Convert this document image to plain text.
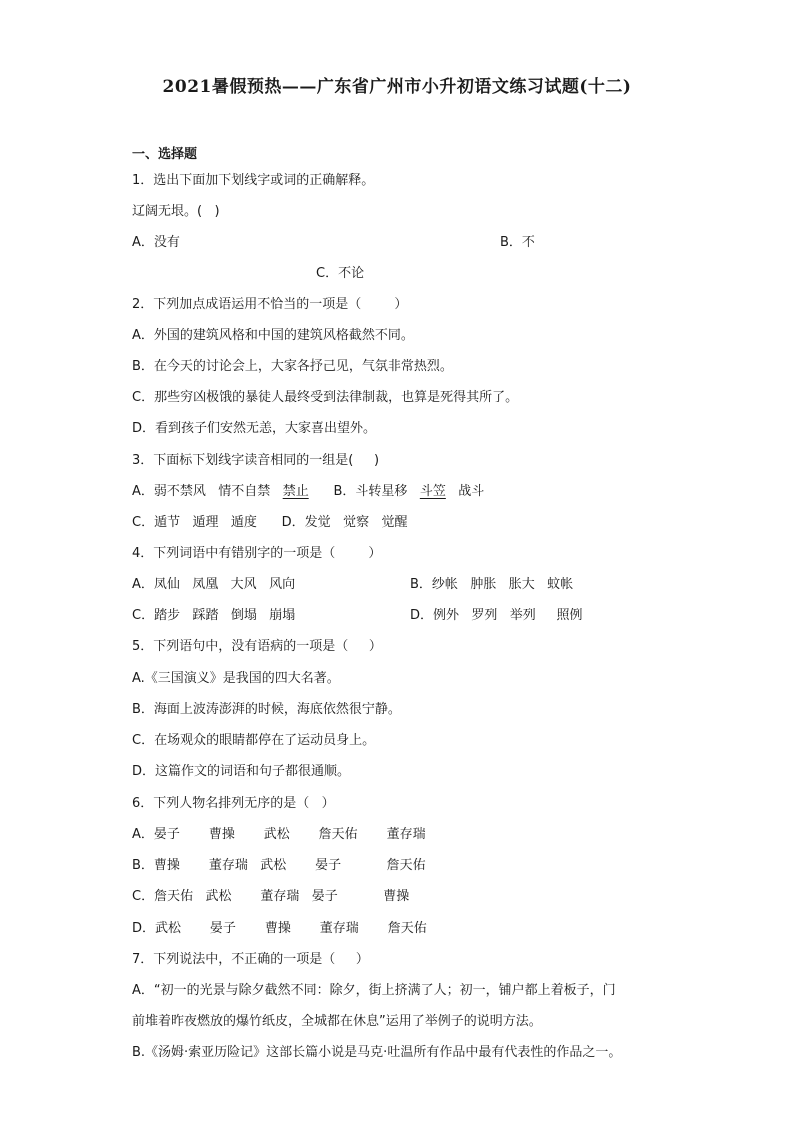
2021暑假预热——广东省广州市小升初语文练习试题(十二)

一、选择题

1．选出下面加下划线字或词的正确解释。

辽阔无垠。(   )

A．没有	B．不
C．不论

2．下列加点成语运用不恰当的一项是（        ）

A．外国的建筑风格和中国的建筑风格截然不同。

B．在今天的讨论会上，大家各抒己见，气氛非常热烈。

C．那些穷凶极饿的暴徒人最终受到法律制裁，也算是死得其所了。

D．看到孩子们安然无恙，大家喜出望外。

3．下面标下划线字读音相同的一组是(     )

A．弱不禁风   情不自禁   禁止      B．斗转星移   斗笠   战斗

C．遁节   遁理   遁度      D．发觉   觉察   觉醒

4．下列词语中有错别字的一项是（        ）

A．凤仙   凤凰   大风   风向	B．纱帐   肿胀   胀大   蚊帐
C．踏步   踩踏   倒塌   崩塌	D．例外   罗列   举列     照例

5．下列语句中，没有语病的一项是（     ）

A.《三国演义》是我国的四大名著。

B．海面上波涛澎湃的时候，海底依然很宁静。

C．在场观众的眼睛都停在了运动员身上。

D．这篇作文的词语和句子都很通顺。

6．下列人物名排列无序的是（   ）

A．晏子       曹操       武松       詹天佑       董存瑞

B．曹操       董存瑞   武松       晏子           詹天佑

C．詹天佑   武松       董存瑞   晏子           曹操

D．武松       晏子       曹操       董存瑞       詹天佑

7．下列说法中，不正确的一项是（     ）

A．“初一的光景与除夕截然不同：除夕，街上挤满了人；初一，铺户都上着板子，门

前堆着昨夜燃放的爆竹纸皮，全城都在休息”运用了举例子的说明方法。

B.《汤姆·索亚历险记》这部长篇小说是马克·吐温所有作品中最有代表性的作品之一。
